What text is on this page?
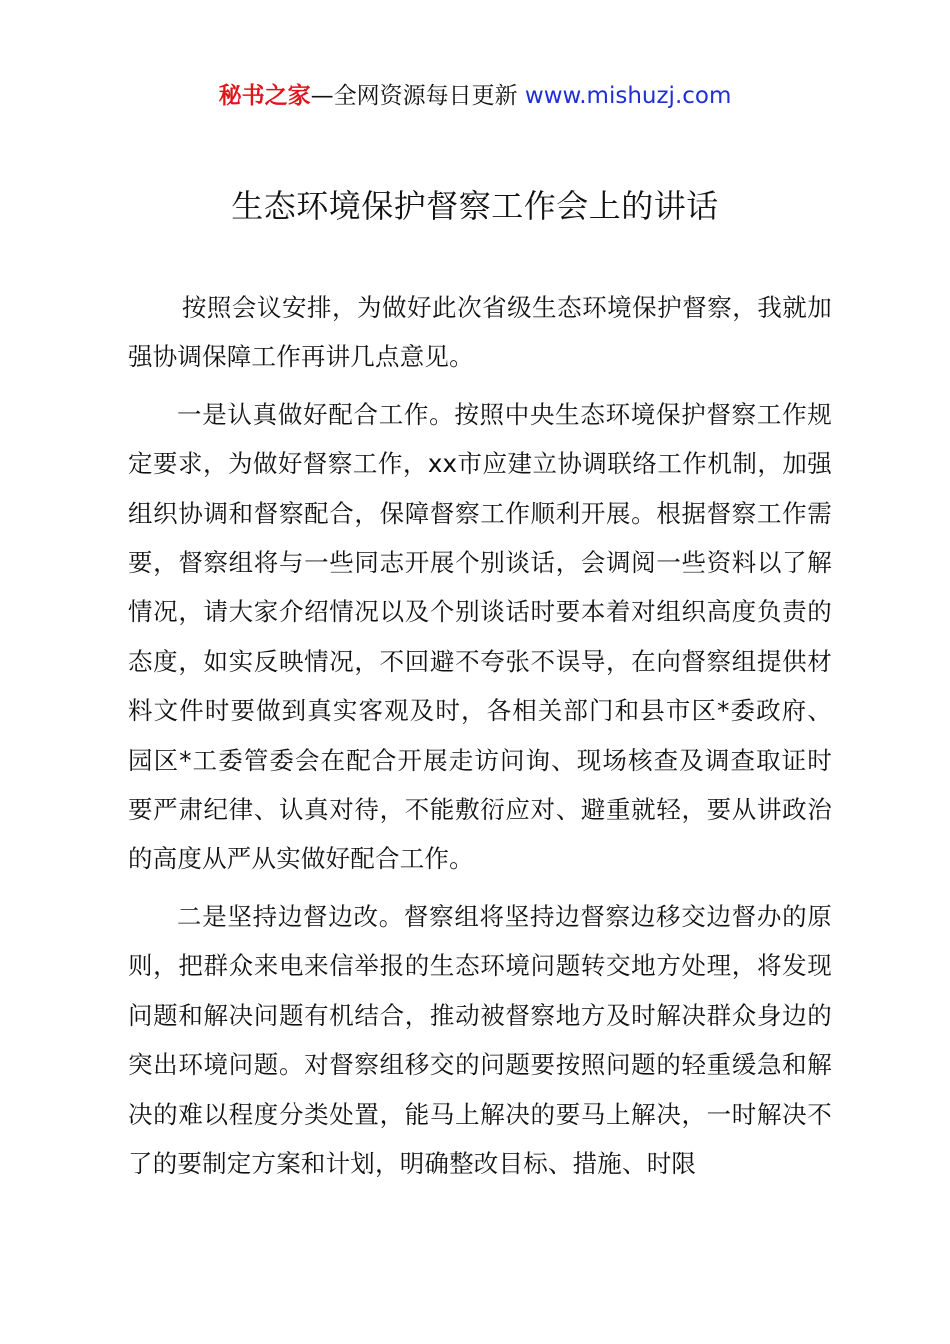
秘书之家—全网资源每日更新 www.mishuzj.com
生态环境保护督察工作会上的讲话

按照会议安排，为做好此次省级生态环境保护督察，我就加强协调保障工作再讲几点意见。

一是认真做好配合工作。按照中央生态环境保护督察工作规定要求，为做好督察工作，xx市应建立协调联络工作机制，加强组织协调和督察配合，保障督察工作顺利开展。根据督察工作需要，督察组将与一些同志开展个别谈话，会调阅一些资料以了解情况，请大家介绍情况以及个别谈话时要本着对组织高度负责的态度，如实反映情况，不回避不夸张不误导，在向督察组提供材料文件时要做到真实客观及时，各相关部门和县市区*委政府、园区*工委管委会在配合开展走访问询、现场核查及调查取证时要严肃纪律、认真对待，不能敷衍应对、避重就轻，要从讲政治的高度从严从实做好配合工作。

二是坚持边督边改。督察组将坚持边督察边移交边督办的原则，把群众来电来信举报的生态环境问题转交地方处理，将发现问题和解决问题有机结合，推动被督察地方及时解决群众身边的突出环境问题。对督察组移交的问题要按照问题的轻重缓急和解决的难以程度分类处置，能马上解决的要马上解决，一时解决不了的要制定方案和计划，明确整改目标、措施、时限
